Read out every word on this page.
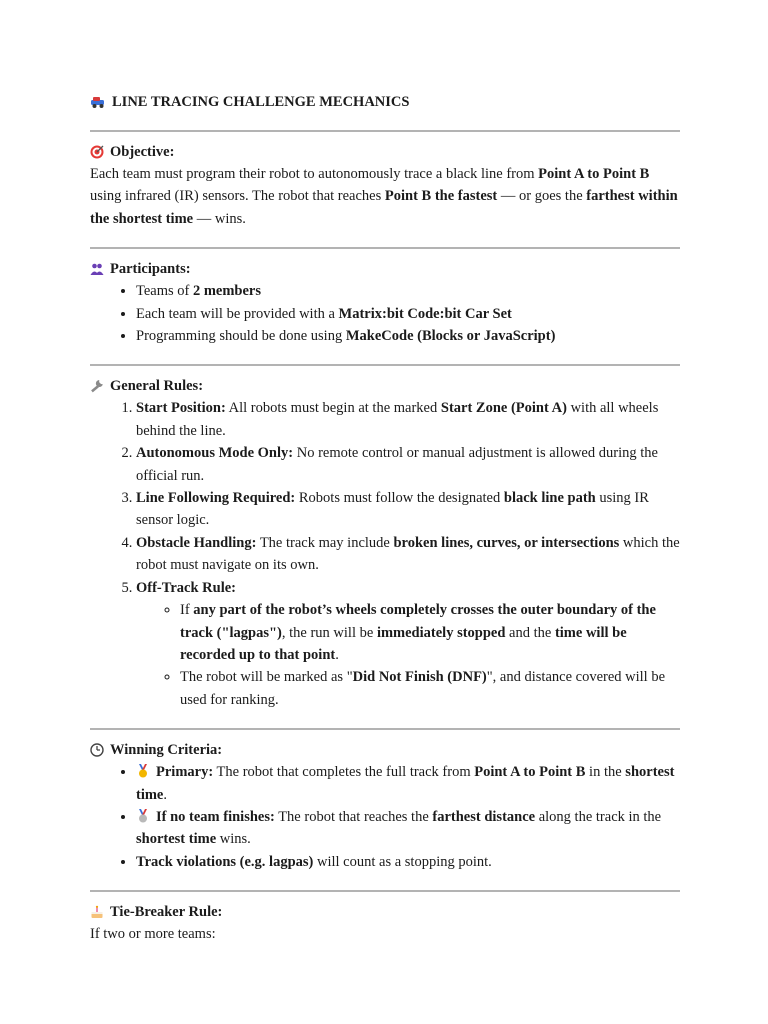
LINE TRACING CHALLENGE MECHANICS
Objective:

Each team must program their robot to autonomously trace a black line from Point A to Point B using infrared (IR) sensors. The robot that reaches Point B the fastest — or goes the farthest within the shortest time — wins.

Participants:
• Teams of 2 members
• Each team will be provided with a Matrix:bit Code:bit Car Set
• Programming should be done using MakeCode (Blocks or JavaScript)
General Rules:
1. Start Position: All robots must begin at the marked Start Zone (Point A) with all wheels behind the line.
2. Autonomous Mode Only: No remote control or manual adjustment is allowed during the official run.
3. Line Following Required: Robots must follow the designated black line path using IR sensor logic.
4. Obstacle Handling: The track may include broken lines, curves, or intersections which the robot must navigate on its own.
5. Off-Track Rule:
◦ If any part of the robot’s wheels completely crosses the outer boundary of the track ("lagpas"), the run will be immediately stopped and the time will be recorded up to that point.
◦ The robot will be marked as "Did Not Finish (DNF)", and distance covered will be used for ranking.
Winning Criteria:
• Primary: The robot that completes the full track from Point A to Point B in the shortest time.
• If no team finishes: The robot that reaches the farthest distance along the track in the shortest time wins.
• Track violations (e.g. lagpas) will count as a stopping point.
Tie-Breaker Rule:

If two or more teams:
